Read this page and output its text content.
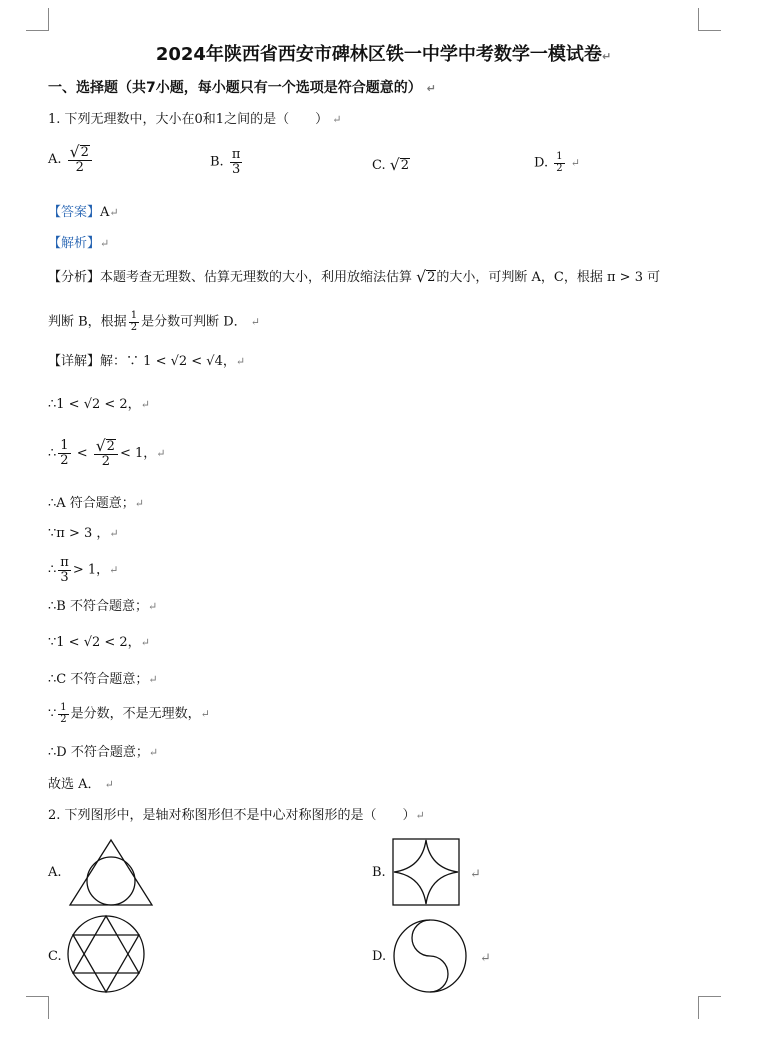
2024年陕西省西安市碑林区铁一中学中考数学一模试卷↵
一、选择题（共7小题，每小题只有一个选项是符合题意的） ↵
1. 下列无理数中，大小在0和1之间的是（　　） ↵
A. $\frac{√2}{2}$	B. $\frac{\pi}{3}$	C. √2	D. $\frac{1}{2}$ ↵
【答案】A↵
【解析】↵
【分析】本题考查无理数、估算无理数的大小，利用放缩法估算 √2的大小，可判断 A，C，根据 π > 3 可
判断 B，根据 $\frac{1}{2}$ 是分数可判断 D． ↵
【详解】解：∵ 1 < √2 < √4，↵
∴1 < √2 < 2，↵
∴ $\frac{1}{2} < \frac{√2}{2} < 1$，↵
∴A 符合题意；↵
∵π > 3 ，↵
∴ $\frac{\pi}{3} > 1$，↵
∴B 不符合题意；↵
∵1 < √2 < 2，↵
∴C 不符合题意；↵
∵ $\frac{1}{2}$ 是分数，不是无理数，↵
∴D 不符合题意；↵
故选 A． ↵
2. 下列图形中，是轴对称图形但不是中心对称图形的是（　　）↵
A.	B.	↵
C.	D.	↵
